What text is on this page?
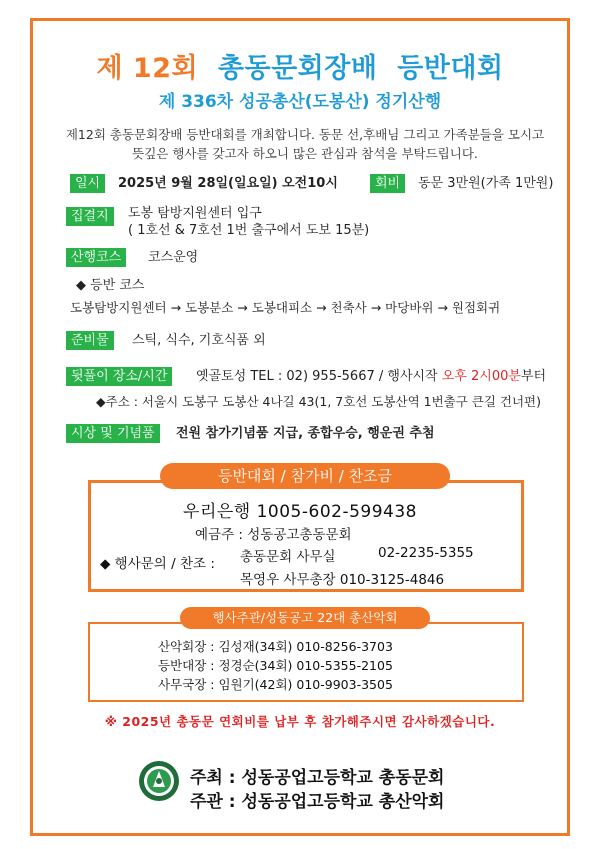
제 12회 총동문회장배 등반대회
제 336차 성공총산(도봉산) 정기산행
제12회 총동문회장배 등반대회를 개최합니다. 동문 선,후배님 그리고 가족분들을 모시고 뜻깊은 행사를 갖고자 하오니 많은 관심과 참석을 부탁드립니다.
일시	2025년 9월 28일(일요일) 오전10시	회비	동문 3만원(가족 1만원)
집결지	도봉 탐방지원센터 입구
( 1호선 & 7호선 1번 출구에서 도보 15분)
산행코스	코스운영
◆ 등반 코스
도봉탐방지원센터 → 도봉분소 → 도봉대피소 → 천축사 → 마당바위 → 원점회귀
준비물	스틱, 식수, 기호식품 외
뒷풀이 장소/시간	옛골토성 TEL : 02) 955-5667 / 행사시작 오후 2시00분부터
◆주소 : 서울시 도봉구 도봉산 4나길 43(1, 7호선 도봉산역 1번출구 큰길 건너편)
시상 및 기념품	전원 참가기념품 지급, 종합우승, 행운권 추첨
등반대회 / 참가비 / 찬조금
우리은행 1005-602-599438
예금주 : 성동공고총동문회
◆ 행사문의 / 찬조 : 총동문회 사무실	02-2235-5355
목영우 사무총장 010-3125-4846
행사주관/성동공고 22대 총산악회
산악회장 : 김성재(34회) 010-8256-3703
등반대장 : 정경순(34회) 010-5355-2105
사무국장 : 임원기(42회) 010-9903-3505
※ 2025년 총동문 연회비를 납부 후 참가해주시면 감사하겠습니다.
주최 : 성동공업고등학교 총동문회
주관 : 성동공업고등학교 총산악회
